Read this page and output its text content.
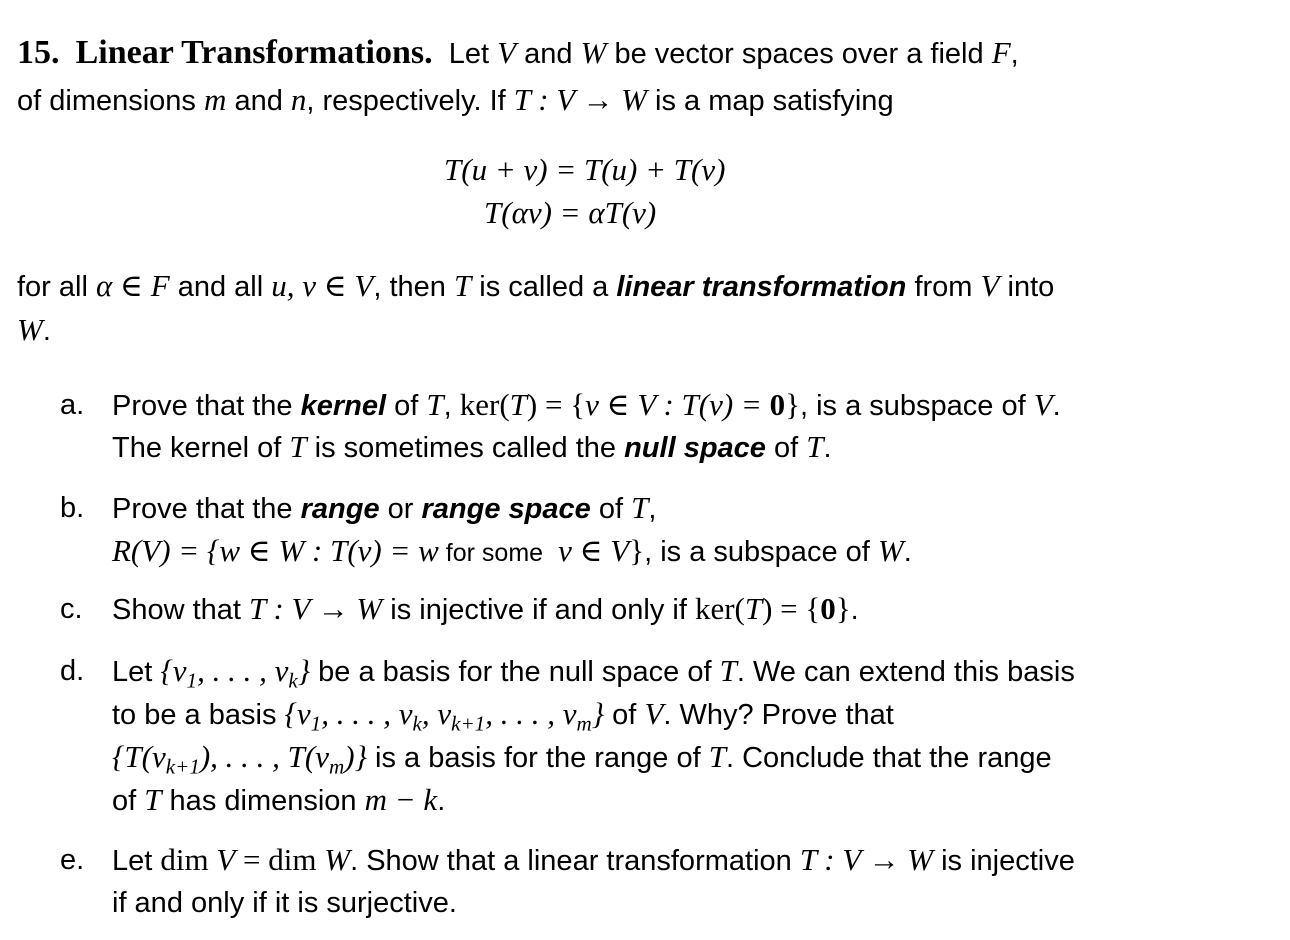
15. Linear Transformations. Let V and W be vector spaces over a field F,
of dimensions m and n, respectively. If T : V → W is a map satisfying
T(u + v) = T(u) + T(v)
T(αv) = αT(v)
for all α ∈ F and all u, v ∈ V, then T is called a linear transformation from V into
W.
a. Prove that the kernel of T, ker(T) = {v ∈ V : T(v) = 0}, is a subspace of V.
The kernel of T is sometimes called the null space of T.
b. Prove that the range or range space of T,
R(V) = {w ∈ W : T(v) = w for some  v ∈ V}, is a subspace of W.
c.	Show that T : V → W is injective if and only if ker(T) = {0}.
d. Let {$v_1$, . . . , $v_k$} be a basis for the null space of T. We can extend this basis
to be a basis {$v_1$, . . . , $v_k$, $v_{k+1}$, . . . , $v_m$} of V. Why? Prove that
{$T(v_{k+1})$, . . . , $T(v_m)$} is a basis for the range of T. Conclude that the range
of T has dimension m − k.
e. Let dim V = dim W. Show that a linear transformation T : V → W is injective
if and only if it is surjective.
